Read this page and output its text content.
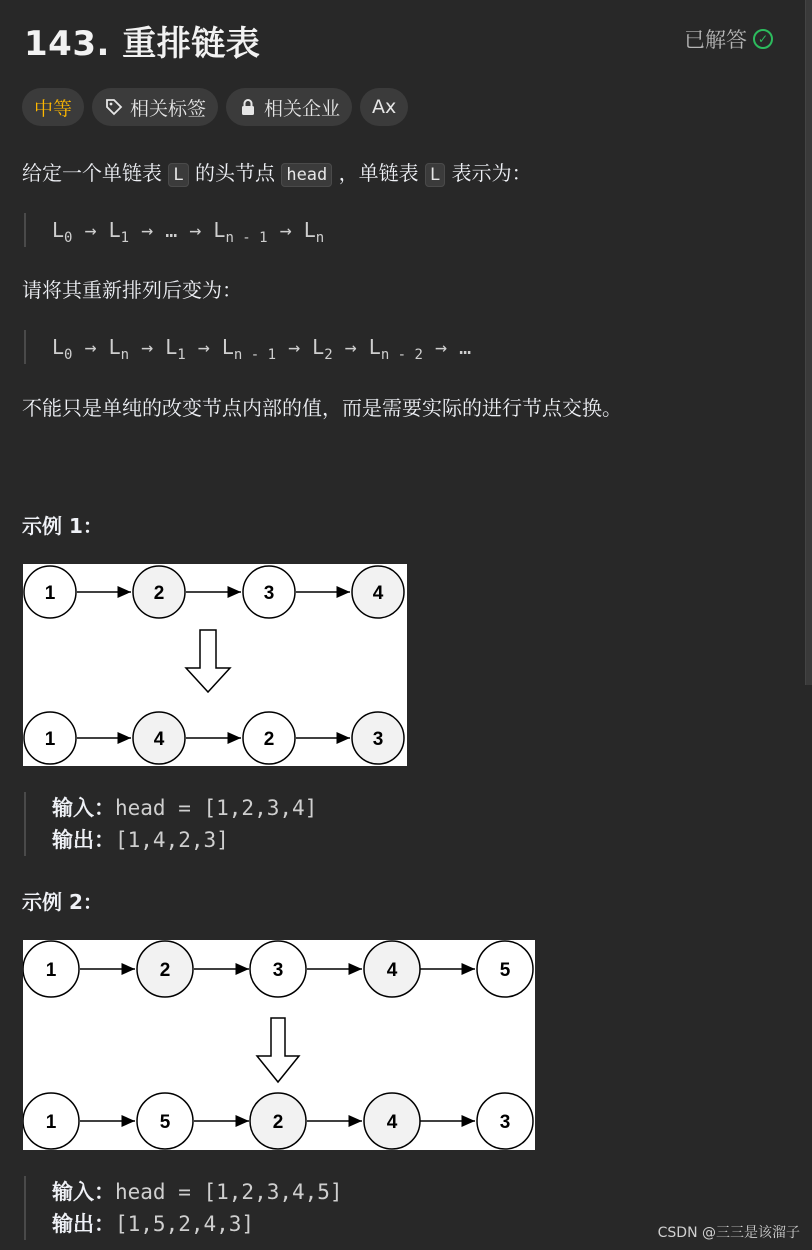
143. 重排链表	已解答 ✓
中等	相关标签	相关企业 Ax

给定一个单链表 L 的头节点 head ，单链表 L 表示为：

$L_0 \to L_1$ → … → $L_{n - 1} \to L_n$

请将其重新排列后变为：

$L_0 \to L_n \to L_1 \to L_{n - 1} \to L_2 \to L_{n - 2}$ → …

不能只是单纯的改变节点内部的值，而是需要实际的进行节点交换。

示例 1：
1	2	3	4
1	4	2	3
输入：head = [1,2,3,4]
输出：[1,4,2,3]
示例 2：
1	2	3	4	5
1	5	2	4	3
输入：head = [1,2,3,4,5]
输出：[1,5,2,4,3]	CSDN @三三是该溜子
